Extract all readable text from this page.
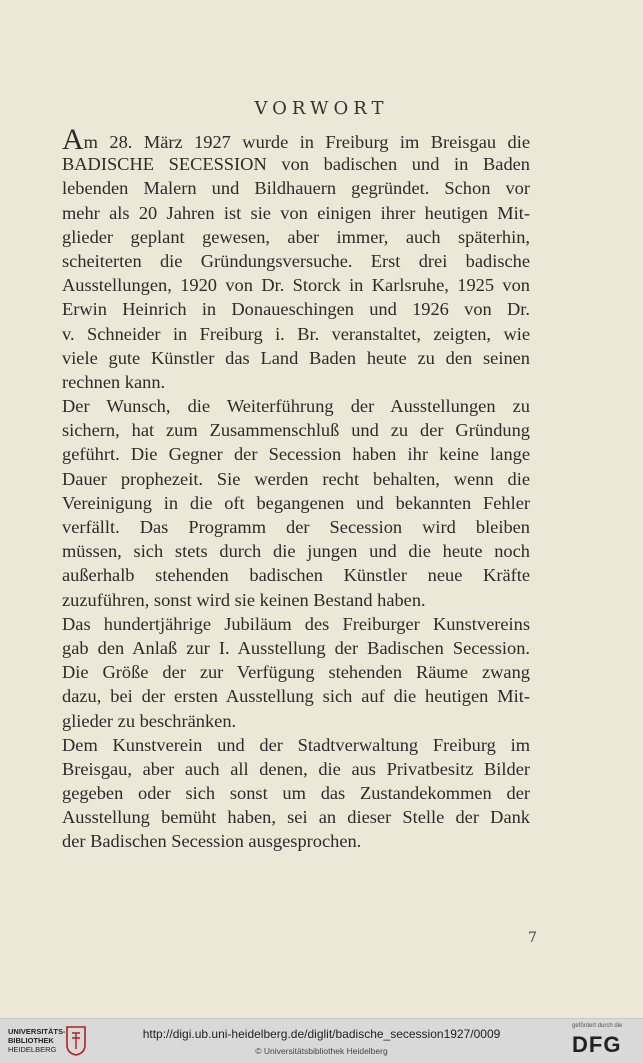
VORWORT
Am 28. März 1927 wurde in Freiburg im Breisgau die
BADISCHE SECESSION von badischen und in Baden
lebenden Malern und Bildhauern gegründet. Schon vor
mehr als 20 Jahren ist sie von einigen ihrer heutigen Mit-
glieder geplant gewesen, aber immer, auch späterhin,
scheiterten die Gründungsversuche. Erst drei badische
Ausstellungen, 1920 von Dr. Storck in Karlsruhe, 1925 von
Erwin Heinrich in Donaueschingen und 1926 von Dr.
v. Schneider in Freiburg i. Br. veranstaltet, zeigten, wie
viele gute Künstler das Land Baden heute zu den seinen
rechnen kann.
Der Wunsch, die Weiterführung der Ausstellungen zu
sichern, hat zum Zusammenschluß und zu der Gründung
geführt. Die Gegner der Secession haben ihr keine lange
Dauer prophezeit. Sie werden recht behalten, wenn die
Vereinigung in die oft begangenen und bekannten Fehler
verfällt. Das Programm der Secession wird bleiben
müssen, sich stets durch die jungen und die heute noch
außerhalb stehenden badischen Künstler neue Kräfte
zuzuführen, sonst wird sie keinen Bestand haben.
Das hundertjährige Jubiläum des Freiburger Kunstvereins
gab den Anlaß zur I. Ausstellung der Badischen Secession.
Die Größe der zur Verfügung stehenden Räume zwang
dazu, bei der ersten Ausstellung sich auf die heutigen Mit-
glieder zu beschränken.
Dem Kunstverein und der Stadtverwaltung Freiburg im
Breisgau, aber auch all denen, die aus Privatbesitz Bilder
gegeben oder sich sonst um das Zustandekommen der
Ausstellung bemüht haben, sei an dieser Stelle der Dank
der Badischen Secession ausgesprochen.
7
UNIVERSITÄTS-
BIBLIOTHEK
HEIDELBERG
http://digi.ub.uni-heidelberg.de/diglit/badische_secession1927/0009
© Universitätsbibliothek Heidelberg
gefördert durch die
DFG
